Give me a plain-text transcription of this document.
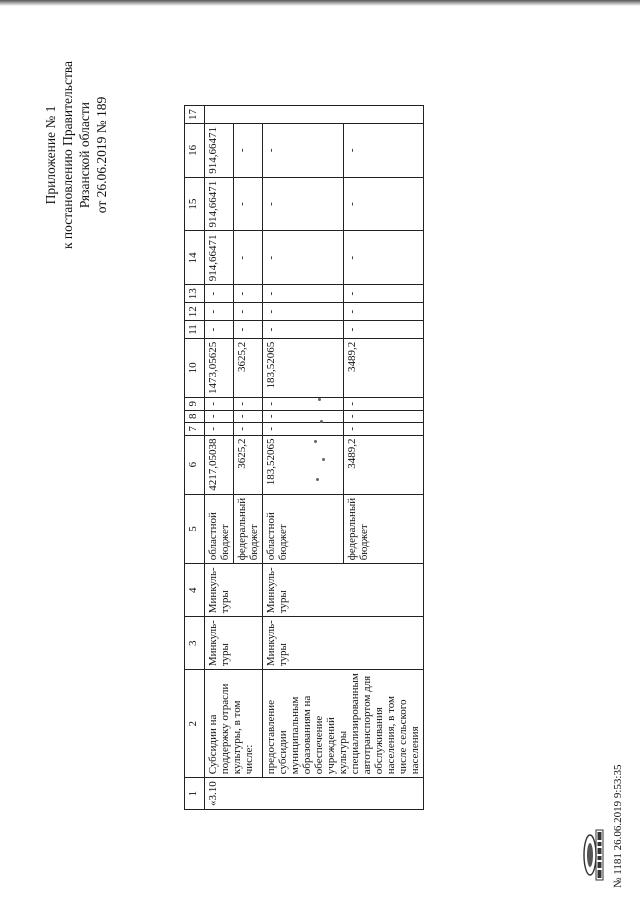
Приложение № 1 к постановлению Правительства Рязанской области от 26.06.2019 № 189
1	2	3	4	5	6	7	8	9	10	11	12	13	14	15	16	17
«3.10	Субсидии на поддержку отрасли культуры, в том числе:	Минкуль-туры	Минкуль-туры	областной бюджет	4217,05038	-	-	-	1473,05625	-	-	-	914,66471	914,66471	914,66471	
				федеральный бюджет	3625,2	-	-	-	3625,2	-	-	-	-	-	-	
	предоставление субсидии муниципальным образованиям на обеспечение учреждений культуры специализированным автотранспортом для обслуживания населения, в том числе сельского населения	Минкуль-туры	Минкуль-туры	областной бюджет	183,52065	-	-	-	183,52065	-	-	-	-	-	-	
				федеральный бюджет	3489,2	-	-	-	3489,2	-	-	-	-	-	-	
№ 1181 26.06.2019 9:53:35
